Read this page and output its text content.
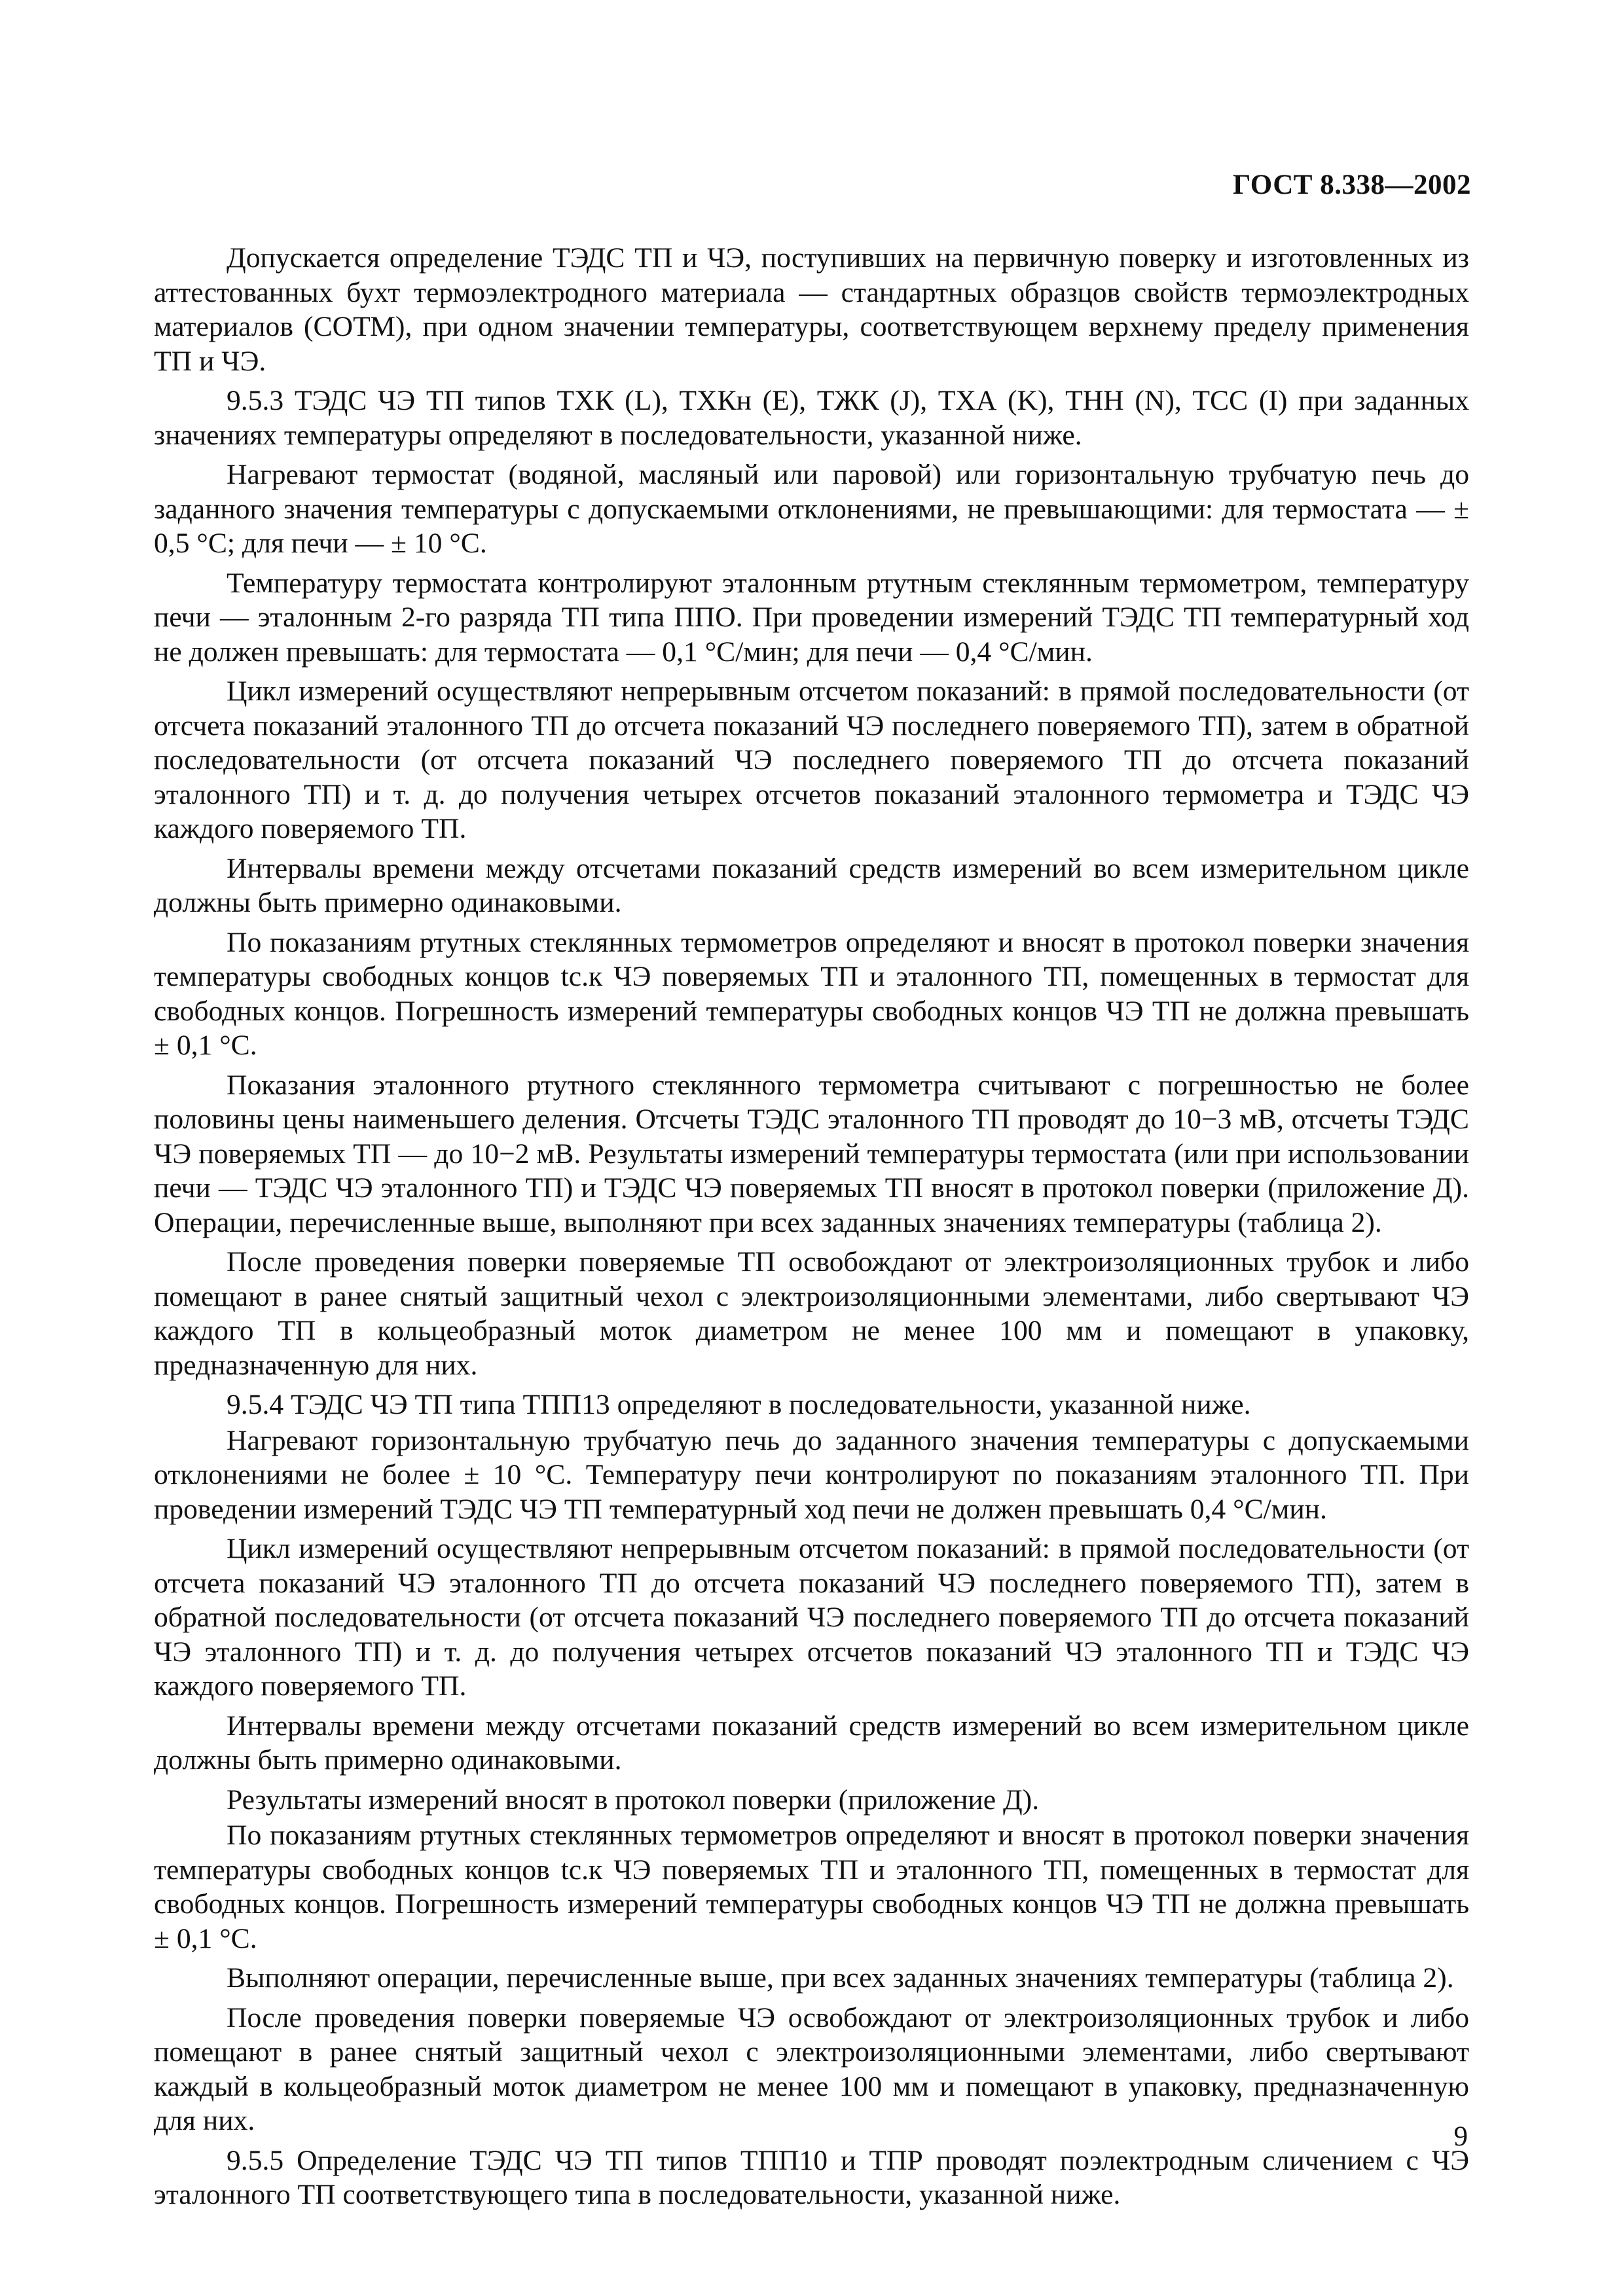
ГОСТ 8.338—2002

Допускается определение ТЭДС ТП и ЧЭ, поступивших на первичную поверку и изготовленных из аттестованных бухт термоэлектродного материала — стандартных образцов свойств термоэлектродных материалов (СОТМ), при одном значении температуры, соответствующем верхнему пределу применения ТП и ЧЭ.

9.5.3 ТЭДС ЧЭ ТП типов ТХК (L), ТХКн (E), ТЖК (J), ТХА (K), ТНН (N), ТСС (I) при заданных значениях температуры определяют в последовательности, указанной ниже.

Нагревают термостат (водяной, масляный или паровой) или горизонтальную трубчатую печь до заданного значения температуры с допускаемыми отклонениями, не превышающими: для термостата — ± 0,5 °С; для печи — ± 10 °С.

Температуру термостата контролируют эталонным ртутным стеклянным термометром, температуру печи — эталонным 2-го разряда ТП типа ППО. При проведении измерений ТЭДС ТП температурный ход не должен превышать: для термостата — 0,1 °С/мин; для печи — 0,4 °С/мин.

Цикл измерений осуществляют непрерывным отсчетом показаний: в прямой последовательности (от отсчета показаний эталонного ТП до отсчета показаний ЧЭ последнего поверяемого ТП), затем в обратной последовательности (от отсчета показаний ЧЭ последнего поверяемого ТП до отсчета показаний эталонного ТП) и т. д. до получения четырех отсчетов показаний эталонного термометра и ТЭДС ЧЭ каждого поверяемого ТП.

Интервалы времени между отсчетами показаний средств измерений во всем измерительном цикле должны быть примерно одинаковыми.

По показаниям ртутных стеклянных термометров определяют и вносят в протокол поверки значения температуры свободных концов tс.к ЧЭ поверяемых ТП и эталонного ТП, помещенных в термостат для свободных концов. Погрешность измерений температуры свободных концов ЧЭ ТП не должна превышать ± 0,1 °С.

Показания эталонного ртутного стеклянного термометра считывают с погрешностью не более половины цены наименьшего деления. Отсчеты ТЭДС эталонного ТП проводят до 10−3 мВ, отсчеты ТЭДС ЧЭ поверяемых ТП — до 10−2 мВ. Результаты измерений температуры термостата (или при использовании печи — ТЭДС ЧЭ эталонного ТП) и ТЭДС ЧЭ поверяемых ТП вносят в протокол поверки (приложение Д). Операции, перечисленные выше, выполняют при всех заданных значениях температуры (таблица 2).

После проведения поверки поверяемые ТП освобождают от электроизоляционных трубок и либо помещают в ранее снятый защитный чехол с электроизоляционными элементами, либо свертывают ЧЭ каждого ТП в кольцеобразный моток диаметром не менее 100 мм и помещают в упаковку, предназначенную для них.

9.5.4 ТЭДС ЧЭ ТП типа ТПП13 определяют в последовательности, указанной ниже.

Нагревают горизонтальную трубчатую печь до заданного значения температуры с допускаемыми отклонениями не более ± 10 °С. Температуру печи контролируют по показаниям эталонного ТП. При проведении измерений ТЭДС ЧЭ ТП температурный ход печи не должен превышать 0,4 °С/мин.

Цикл измерений осуществляют непрерывным отсчетом показаний: в прямой последовательности (от отсчета показаний ЧЭ эталонного ТП до отсчета показаний ЧЭ последнего поверяемого ТП), затем в обратной последовательности (от отсчета показаний ЧЭ последнего поверяемого ТП до отсчета показаний ЧЭ эталонного ТП) и т. д. до получения четырех отсчетов показаний ЧЭ эталонного ТП и ТЭДС ЧЭ каждого поверяемого ТП.

Интервалы времени между отсчетами показаний средств измерений во всем измерительном цикле должны быть примерно одинаковыми.

Результаты измерений вносят в протокол поверки (приложение Д).

По показаниям ртутных стеклянных термометров определяют и вносят в протокол поверки значения температуры свободных концов tс.к ЧЭ поверяемых ТП и эталонного ТП, помещенных в термостат для свободных концов. Погрешность измерений температуры свободных концов ЧЭ ТП не должна превышать ± 0,1 °С.

Выполняют операции, перечисленные выше, при всех заданных значениях температуры (таблица 2).

После проведения поверки поверяемые ЧЭ освобождают от электроизоляционных трубок и либо помещают в ранее снятый защитный чехол с электроизоляционными элементами, либо свертывают каждый в кольцеобразный моток диаметром не менее 100 мм и помещают в упаковку, предназначенную для них.

9.5.5 Определение ТЭДС ЧЭ ТП типов ТПП10 и ТПР проводят поэлектродным сличением с ЧЭ эталонного ТП соответствующего типа в последовательности, указанной ниже.

9
